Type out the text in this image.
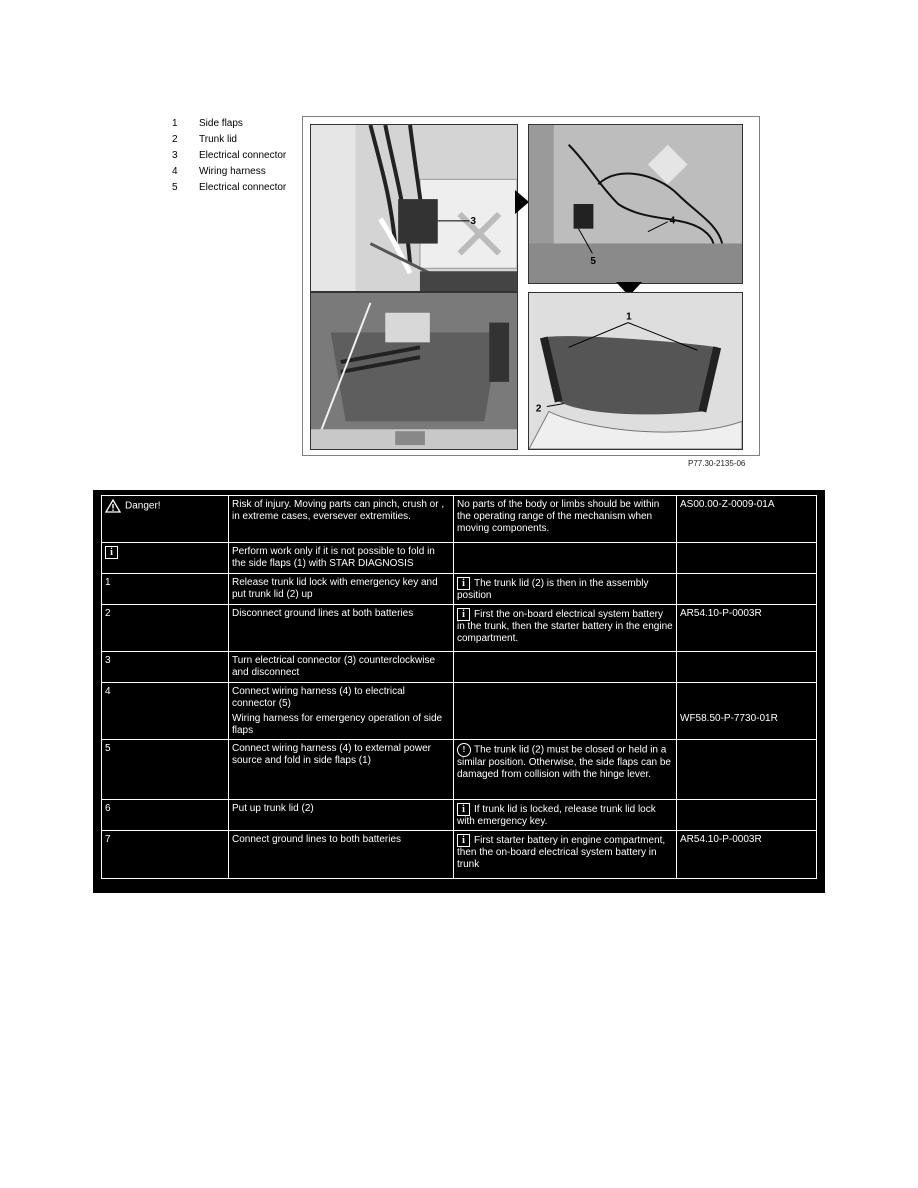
1	Side flaps
2	Trunk lid
3	Electrical connector
4	Wiring harness
5	Electrical connector
3	4
5
1
2
P77.30-2135-06
Danger!	Risk of injury. Moving parts can pinch, crush or , in extreme cases, eversever extremities.	No parts of the body or limbs should be within the operating range of the mechanism when moving components.	AS00.00-Z-0009-01A
i	Perform work only if it is not possible to fold in the side flaps (1) with STAR DIAGNOSIS		
1	Release trunk lid lock with emergency key and put trunk lid (2) up	i The trunk lid (2) is then in the assembly position	
2	Disconnect ground lines at both batteries	i First the on-board electrical system battery in the trunk, then the starter battery in the engine compartment.	AR54.10-P-0003R
3	Turn electrical connector (3) counterclockwise and disconnect		
4	Connect wiring harness (4) to electrical connector (5)
Wiring harness for emergency operation of side flaps		WF58.50-P-7730-01R
5	Connect wiring harness (4) to external power source and fold in side flaps (1)	! The trunk lid (2) must be closed or held in a similar position. Otherwise, the side flaps can be damaged from collision with the hinge lever.	
6	Put up trunk lid (2)	i If trunk lid is locked, release trunk lid lock with emergency key.	
7	Connect ground lines to both batteries	i First starter battery in engine compartment, then the on-board electrical system battery in trunk	AR54.10-P-0003R
